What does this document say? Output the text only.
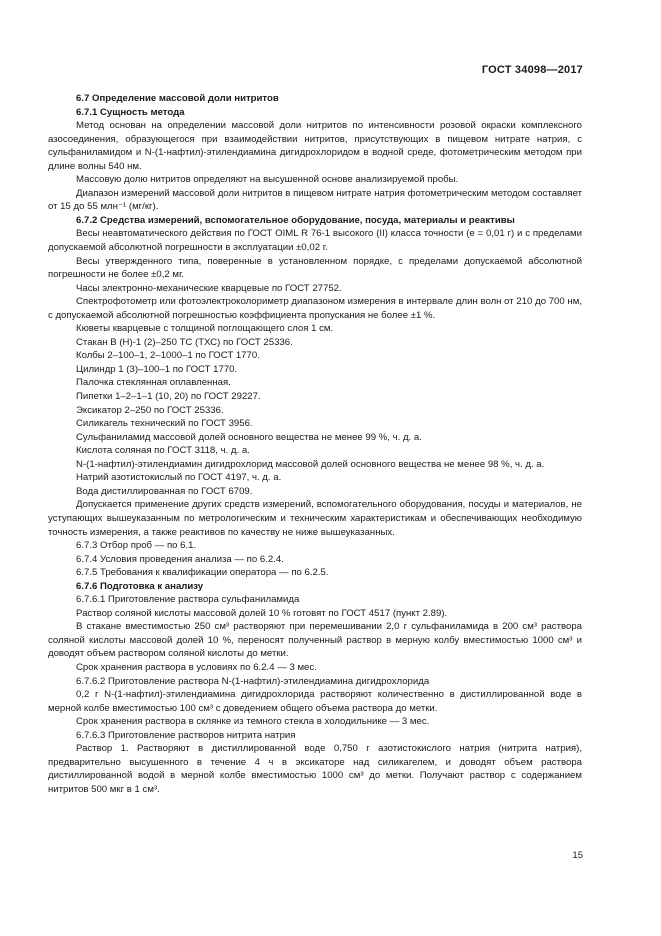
ГОСТ 34098—2017

6.7 Определение массовой доли нитритов

6.7.1 Сущность метода

Метод основан на определении массовой доли нитритов по интенсивности розовой окраски комплексного азосоединения, образующегося при взаимодействии нитритов, присутствующих в пищевом нитрате натрия, с сульфаниламидом и N-(1-нафтил)-этилендиамина дигидрохлоридом в водной среде, фотометрическим методом при длине волны 540 нм.

Массовую долю нитритов определяют на высушенной основе анализируемой пробы.

Диапазон измерений массовой доли нитритов в пищевом нитрате натрия фотометрическим методом составляет от 15 до 55 млн⁻¹ (мг/кг).

6.7.2 Средства измерений, вспомогательное оборудование, посуда, материалы и реактивы

Весы неавтоматического действия по ГОСТ OIML R 76-1 высокого (II) класса точности (е = 0,01 г) и с пределами допускаемой абсолютной погрешности в эксплуатации ±0,02 г.

Весы утвержденного типа, поверенные в установленном порядке, с пределами допускаемой абсолютной погрешности не более ±0,2 мг.

Часы электронно-механические кварцевые по ГОСТ 27752.

Спектрофотометр или фотоэлектроколориметр диапазоном измерения в интервале длин волн от 210 до 700 нм, с допускаемой абсолютной погрешностью коэффициента пропускания не более ±1 %.

Кюветы кварцевые с толщиной поглощающего слоя 1 см.

Стакан В (Н)-1 (2)–250 ТС (ТХС) по ГОСТ 25336.

Колбы 2–100–1, 2–1000–1 по ГОСТ 1770.

Цилиндр 1 (3)–100–1 по ГОСТ 1770.

Палочка стеклянная оплавленная.

Пипетки 1–2–1–1 (10, 20) по ГОСТ 29227.

Эксикатор 2–250 по ГОСТ 25336.

Силикагель технический по ГОСТ 3956.

Сульфаниламид массовой долей основного вещества не менее 99 %, ч. д. а.

Кислота соляная по ГОСТ 3118, ч. д. а.

N-(1-нафтил)-этилендиамин дигидрохлорид массовой долей основного вещества не менее 98 %, ч. д. а.

Натрий азотистокислый по ГОСТ 4197, ч. д. а.

Вода дистиллированная по ГОСТ 6709.

Допускается применение других средств измерений, вспомогательного оборудования, посуды и материалов, не уступающих вышеуказанным по метрологическим и техническим характеристикам и обеспечивающих необходимую точность измерения, а также реактивов по качеству не ниже вышеуказанных.

6.7.3 Отбор проб — по 6.1.

6.7.4 Условия проведения анализа — по 6.2.4.

6.7.5 Требования к квалификации оператора — по 6.2.5.

6.7.6 Подготовка к анализу

6.7.6.1 Приготовление раствора сульфаниламида

Раствор соляной кислоты массовой долей 10 % готовят по ГОСТ 4517 (пункт 2.89).

В стакане вместимостью 250 см³ растворяют при перемешивании 2,0 г сульфаниламида в 200 см³ раствора соляной кислоты массовой долей 10 %, переносят полученный раствор в мерную колбу вместимостью 1000 см³ и доводят объем раствором соляной кислоты до метки.

Срок хранения раствора в условиях по 6.2.4 — 3 мес.

6.7.6.2 Приготовление раствора N-(1-нафтил)-этилендиамина дигидрохлорида

0,2 г N-(1-нафтил)-этилендиамина дигидрохлорида растворяют количественно в дистиллированной воде в мерной колбе вместимостью 100 см³ с доведением общего объема раствора до метки.

Срок хранения раствора в склянке из темного стекла в холодильнике — 3 мес.

6.7.6.3 Приготовление растворов нитрита натрия

Раствор 1. Растворяют в дистиллированной воде 0,750 г азотистокислого натрия (нитрита натрия), предварительно высушенного в течение 4 ч в эксикаторе над силикагелем, и доводят объем раствора дистиллированной водой в мерной колбе вместимостью 1000 см³ до метки. Получают раствор с содержанием нитритов 500 мкг в 1 см³.

15
